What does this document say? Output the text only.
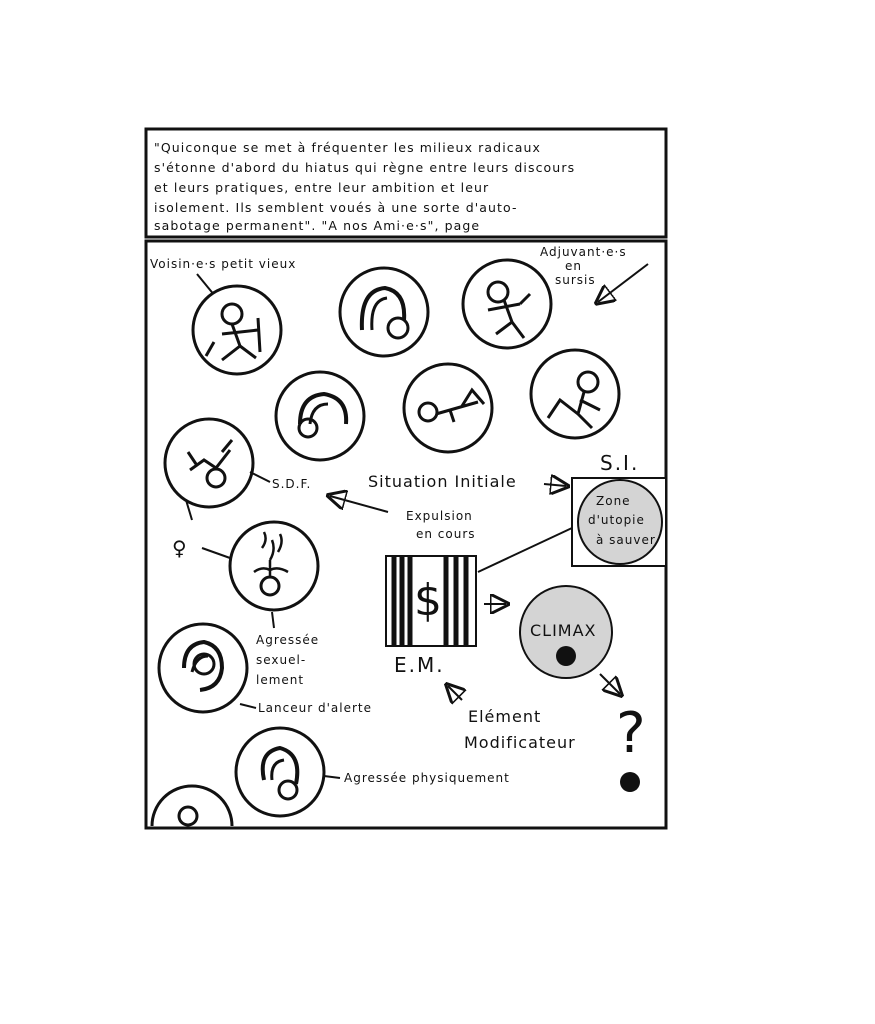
"Quiconque se met à fréquenter les milieux radicaux
s'étonne d'abord du hiatus qui règne entre leurs discours
et leurs pratiques, entre leur ambition et leur
isolement. Ils semblent voués à une sorte d'auto-
sabotage permanent". "A nos Ami·e·s", page
Voisin·e·s petit vieux
Adjuvant·e·s
en
sursis
S.D.F.	Situation Initiale
S.I.
Zone
d'utopie
à sauver
Expulsion
en cours
♀
Agressée
sexuel-
lement
$
E.M.
CLIMAX
Lanceur d'alerte	Elément
Modificateur ?
Agressée physiquement
